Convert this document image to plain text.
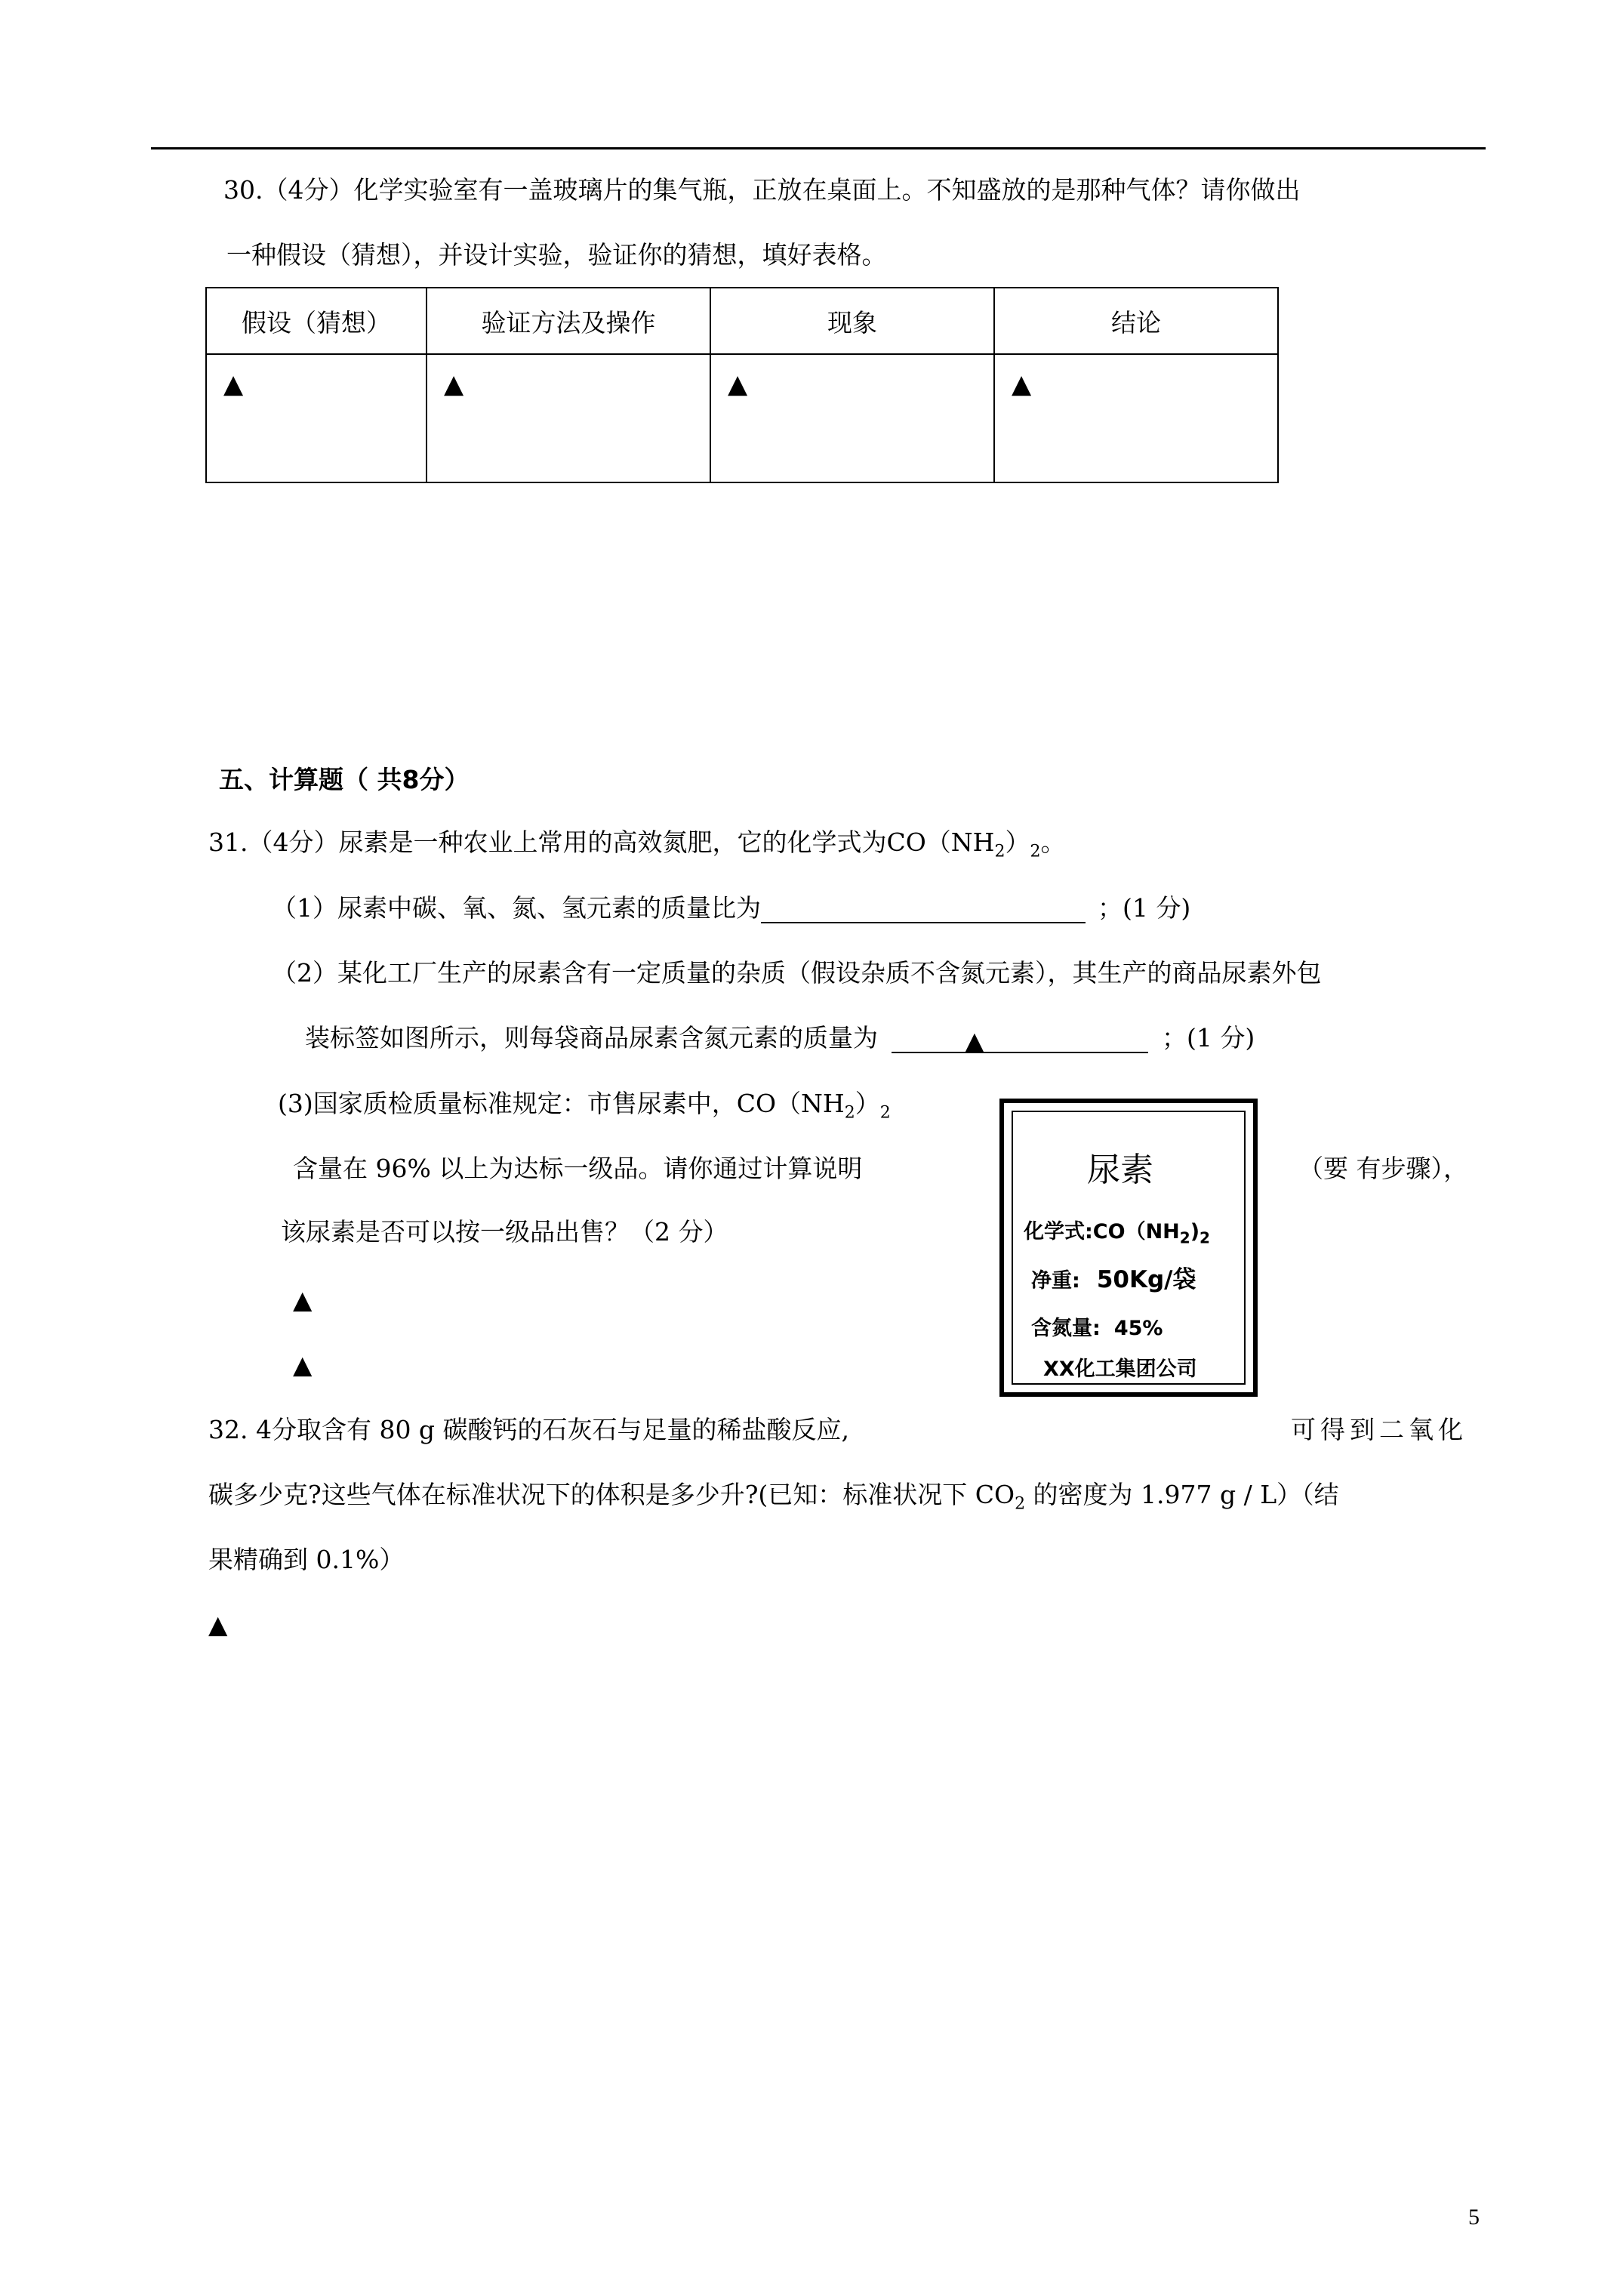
30.（4分）化学实验室有一盖玻璃片的集气瓶，正放在桌面上。不知盛放的是那种气体？请你做出
一种假设（猜想），并设计实验，验证你的猜想，填好表格。
假设（猜想）	验证方法及操作	现象	结论
▲	▲	▲	▲
五、计算题（ 共8分）
31.（4分）尿素是一种农业上常用的高效氮肥，它的化学式为$CO(NH_2)_2$。
（1）尿素中碳、氧、氮、氢元素的质量比为	；(1 分)
（2）某化工厂生产的尿素含有一定质量的杂质（假设杂质不含氮元素），其生产的商品尿素外包
装标签如图所示，则每袋商品尿素含氮元素的质量为	▲	；(1 分)
(3)国家质检质量标准规定：市售尿素中，$CO(NH_2)_2$
含量在 96% 以上为达标一级品。请你通过计算说明	（要 有步骤），
该尿素是否可以按一级品出售？（2 分）
▲
▲
尿素
化学式$:CO(NH_2)_2$
净重: 50Kg/袋
含氮量: 45%
XX化工集团公司
32. 4分取含有 80 g 碳酸钙的石灰石与足量的稀盐酸反应,	可得到二氧化
碳多少克?这些气体在标准状况下的体积是多少升?(已知：标准状况下 $CO_2$ 的密度为 1.977 g / L）（结
果精确到 0.1%）
▲
5
